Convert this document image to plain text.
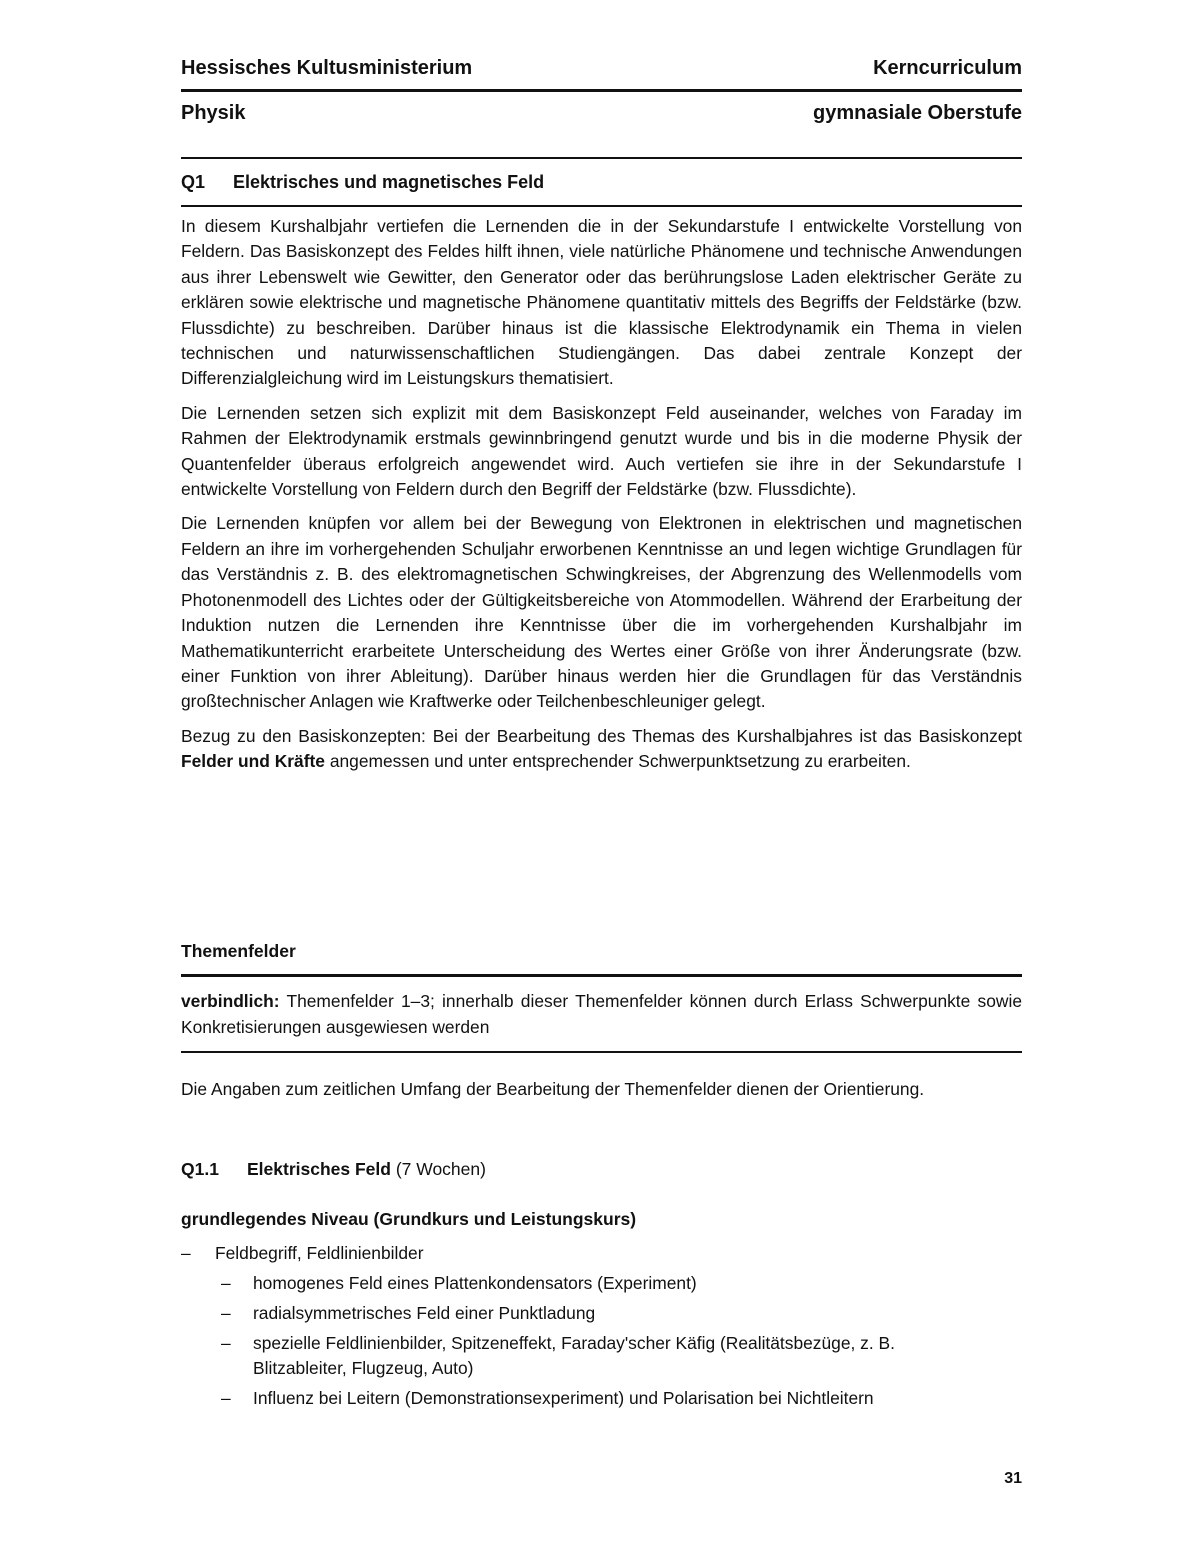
Hessisches Kultusministerium	Kerncurriculum
Physik	gymnasiale Oberstufe
Q1	Elektrisches und magnetisches Feld

In diesem Kurshalbjahr vertiefen die Lernenden die in der Sekundarstufe I entwickelte Vorstellung von Feldern. Das Basiskonzept des Feldes hilft ihnen, viele natürliche Phänomene und technische Anwendungen aus ihrer Lebenswelt wie Gewitter, den Generator oder das berührungslose Laden elektrischer Geräte zu erklären sowie elektrische und magnetische Phänomene quantitativ mittels des Begriffs der Feldstärke (bzw. Flussdichte) zu beschreiben. Darüber hinaus ist die klassische Elektrodynamik ein Thema in vielen technischen und naturwissenschaftlichen Studiengängen. Das dabei zentrale Konzept der Differenzialgleichung wird im Leistungskurs thematisiert.

Die Lernenden setzen sich explizit mit dem Basiskonzept Feld auseinander, welches von Faraday im Rahmen der Elektrodynamik erstmals gewinnbringend genutzt wurde und bis in die moderne Physik der Quantenfelder überaus erfolgreich angewendet wird. Auch vertiefen sie ihre in der Sekundarstufe I entwickelte Vorstellung von Feldern durch den Begriff der Feldstärke (bzw. Flussdichte).

Die Lernenden knüpfen vor allem bei der Bewegung von Elektronen in elektrischen und magnetischen Feldern an ihre im vorhergehenden Schuljahr erworbenen Kenntnisse an und legen wichtige Grundlagen für das Verständnis z. B. des elektromagnetischen Schwingkreises, der Abgrenzung des Wellenmodells vom Photonenmodell des Lichtes oder der Gültigkeitsbereiche von Atommodellen. Während der Erarbeitung der Induktion nutzen die Lernenden ihre Kenntnisse über die im vorhergehenden Kurshalbjahr im Mathematikunterricht erarbeitete Unterscheidung des Wertes einer Größe von ihrer Änderungsrate (bzw. einer Funktion von ihrer Ableitung). Darüber hinaus werden hier die Grundlagen für das Verständnis großtechnischer Anlagen wie Kraftwerke oder Teilchenbeschleuniger gelegt.

Bezug zu den Basiskonzepten: Bei der Bearbeitung des Themas des Kurshalbjahres ist das Basiskonzept Felder und Kräfte angemessen und unter entsprechender Schwerpunktsetzung zu erarbeiten.

Themenfelder
verbindlich: Themenfelder 1–3; innerhalb dieser Themenfelder können durch Erlass Schwerpunkte sowie Konkretisierungen ausgewiesen werden
Die Angaben zum zeitlichen Umfang der Bearbeitung der Themenfelder dienen der Orientierung.
Q1.1	Elektrisches Feld (7 Wochen)
grundlegendes Niveau (Grundkurs und Leistungskurs)
– Feldbegriff, Feldlinienbilder
– homogenes Feld eines Plattenkondensators (Experiment)
– radialsymmetrisches Feld einer Punktladung
– spezielle Feldlinienbilder, Spitzeneffekt, Faraday'scher Käfig (Realitätsbezüge, z. B. Blitzableiter, Flugzeug, Auto)
– Influenz bei Leitern (Demonstrationsexperiment) und Polarisation bei Nichtleitern
31
